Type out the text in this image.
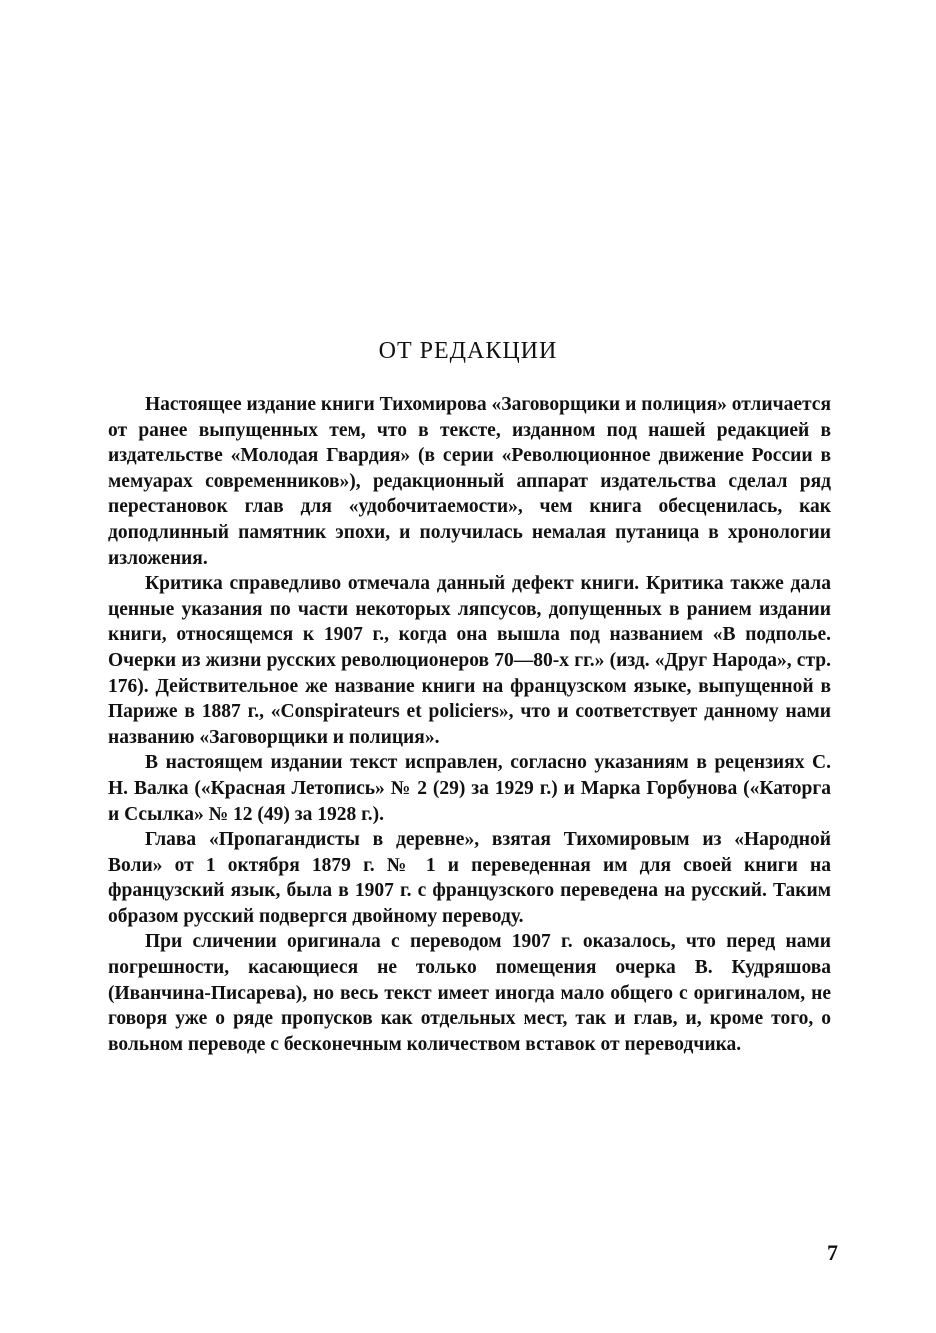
ОТ РЕДАКЦИИ

Настоящее издание книги Тихомирова «Заговорщики и полиция» отличается от ранее выпущенных тем, что в тексте, изданном под нашей редакцией в издательстве «Молодая Гвардия» (в серии «Революционное движение России в мемуарах современников»), редакционный аппарат издательства сделал ряд перестановок глав для «удобочитаемости», чем книга обесценилась, как доподлинный памятник эпохи, и получилась немалая путаница в хронологии изложения.

Критика справедливо отмечала данный дефект книги. Критика также дала ценные указания по части некоторых ляпсусов, допущенных в ранием издании книги, относящемся к 1907 г., когда она вышла под названием «В подполье. Очерки из жизни русских революционеров 70—80-х гг.» (изд. «Друг Народа», стр. 176). Действительное же название книги на французском языке, выпущенной в Париже в 1887 г., «Conspirateurs et policiers», что и соответствует данному нами названию «Заговорщики и полиция».

В настоящем издании текст исправлен, согласно указаниям в рецензиях С. Н. Валка («Красная Летопись» № 2 (29) за 1929 г.) и Марка Горбунова («Каторга и Ссылка» № 12 (49) за 1928 г.).

Глава «Пропагандисты в деревне», взятая Тихомировым из «Народной Воли» от 1 октября 1879 г. № 1 и переведенная им для своей книги на французский язык, была в 1907 г. с французского переведена на русский. Таким образом русский подвергся двойному переводу.

При сличении оригинала с переводом 1907 г. оказалось, что перед нами погрешности, касающиеся не только помещения очерка В. Кудряшова (Иванчина-Писарева), но весь текст имеет иногда мало общего с оригиналом, не говоря уже о ряде пропусков как отдельных мест, так и глав, и, кроме того, о вольном переводе с бесконечным количеством вставок от переводчика.

7
